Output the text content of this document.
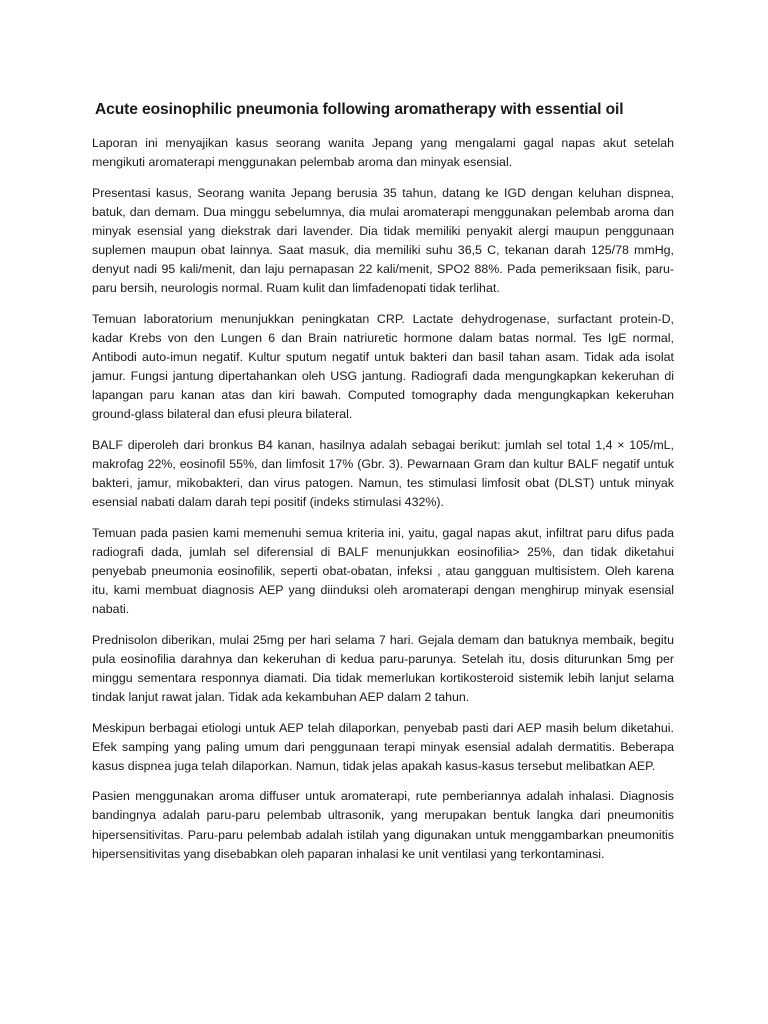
Acute eosinophilic pneumonia following aromatherapy with essential oil

Laporan ini menyajikan kasus seorang wanita Jepang yang mengalami gagal napas akut setelah mengikuti aromaterapi menggunakan pelembab aroma dan minyak esensial.

Presentasi kasus, Seorang wanita Jepang berusia 35 tahun, datang ke IGD dengan keluhan dispnea, batuk, dan demam. Dua minggu sebelumnya, dia mulai aromaterapi menggunakan pelembab aroma dan minyak esensial yang diekstrak dari lavender. Dia tidak memiliki penyakit alergi maupun penggunaan suplemen maupun obat lainnya. Saat masuk, dia memiliki suhu 36,5 C, tekanan darah 125/78 mmHg, denyut nadi 95 kali/menit, dan laju pernapasan 22 kali/menit, SPO2 88%. Pada pemeriksaan fisik, paru-paru bersih, neurologis normal. Ruam kulit dan limfadenopati tidak terlihat.

Temuan laboratorium menunjukkan peningkatan CRP. Lactate dehydrogenase, surfactant protein-D, kadar Krebs von den Lungen 6 dan Brain natriuretic hormone dalam batas normal. Tes IgE normal, Antibodi auto-imun negatif. Kultur sputum negatif untuk bakteri dan basil tahan asam. Tidak ada isolat jamur. Fungsi jantung dipertahankan oleh USG jantung. Radiografi dada mengungkapkan kekeruhan di lapangan paru kanan atas dan kiri bawah. Computed tomography dada mengungkapkan kekeruhan ground-glass bilateral dan efusi pleura bilateral.

BALF diperoleh dari bronkus B4 kanan, hasilnya adalah sebagai berikut: jumlah sel total 1,4 × 105/mL, makrofag 22%, eosinofil 55%, dan limfosit 17% (Gbr. 3). Pewarnaan Gram dan kultur BALF negatif untuk bakteri, jamur, mikobakteri, dan virus patogen. Namun, tes stimulasi limfosit obat (DLST) untuk minyak esensial nabati dalam darah tepi positif (indeks stimulasi 432%).

Temuan pada pasien kami memenuhi semua kriteria ini, yaitu, gagal napas akut, infiltrat paru difus pada radiografi dada, jumlah sel diferensial di BALF menunjukkan eosinofilia> 25%, dan tidak diketahui penyebab pneumonia eosinofilik, seperti obat-obatan, infeksi , atau gangguan multisistem. Oleh karena itu, kami membuat diagnosis AEP yang diinduksi oleh aromaterapi dengan menghirup minyak esensial nabati.

Prednisolon diberikan, mulai 25mg per hari selama 7 hari. Gejala demam dan batuknya membaik, begitu pula eosinofilia darahnya dan kekeruhan di kedua paru-parunya. Setelah itu, dosis diturunkan 5mg per minggu sementara responnya diamati. Dia tidak memerlukan kortikosteroid sistemik lebih lanjut selama tindak lanjut rawat jalan. Tidak ada kekambuhan AEP dalam 2 tahun.

Meskipun berbagai etiologi untuk AEP telah dilaporkan, penyebab pasti dari AEP masih belum diketahui. Efek samping yang paling umum dari penggunaan terapi minyak esensial adalah dermatitis. Beberapa kasus dispnea juga telah dilaporkan. Namun, tidak jelas apakah kasus-kasus tersebut melibatkan AEP.

Pasien menggunakan aroma diffuser untuk aromaterapi, rute pemberiannya adalah inhalasi. Diagnosis bandingnya adalah paru-paru pelembab ultrasonik, yang merupakan bentuk langka dari pneumonitis hipersensitivitas. Paru-paru pelembab adalah istilah yang digunakan untuk menggambarkan pneumonitis hipersensitivitas yang disebabkan oleh paparan inhalasi ke unit ventilasi yang terkontaminasi.
